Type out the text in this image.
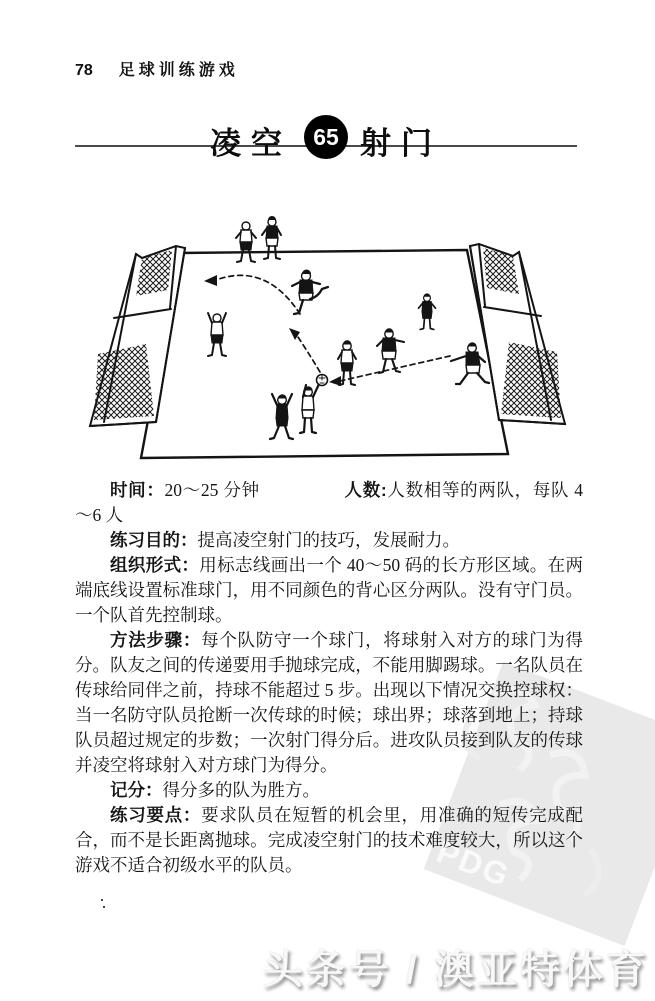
78 足球训练游戏
凌空 65 射门
PDG

时间：20～25 分钟	人数:人数相等的两队，每队 4～6 人

练习目的：提高凌空射门的技巧，发展耐力。

组织形式：用标志线画出一个 40～50 码的长方形区域。在两端底线设置标准球门，用不同颜色的背心区分两队。没有守门员。一个队首先控制球。

方法步骤：每个队防守一个球门，将球射入对方的球门为得分。队友之间的传递要用手抛球完成，不能用脚踢球。一名队员在传球给同伴之前，持球不能超过 5 步。出现以下情况交换控球权：当一名防守队员抢断一次传球的时候；球出界；球落到地上；持球队员超过规定的步数；一次射门得分后。进攻队员接到队友的传球并凌空将球射入对方球门为得分。

记分：得分多的队为胜方。

练习要点：要求队员在短暂的机会里，用准确的短传完成配合，而不是长距离抛球。完成凌空射门的技术难度较大，所以这个游戏不适合初级水平的队员。

头条号 / 澳亚特体育
